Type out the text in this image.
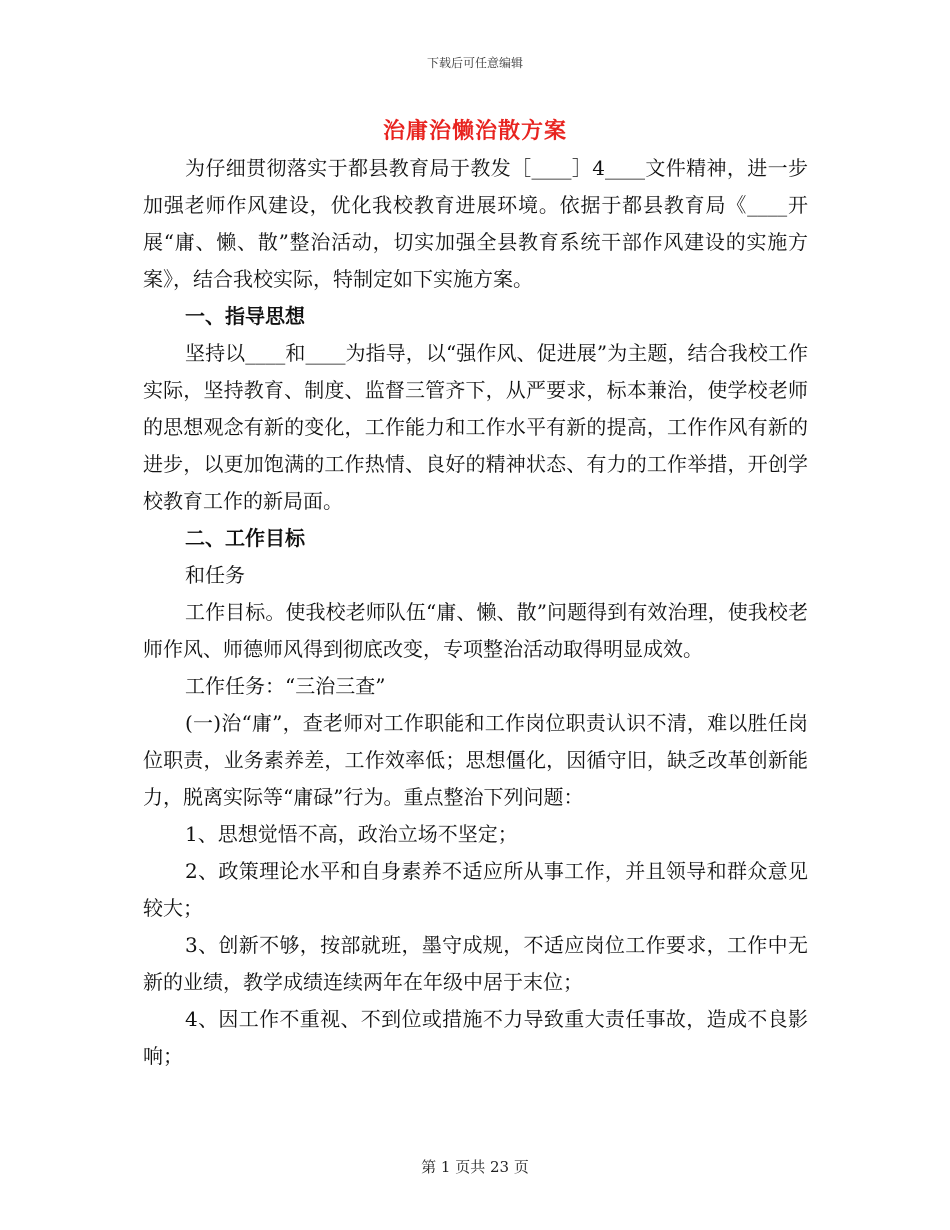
下载后可任意编辑
治庸治懒治散方案

为仔细贯彻落实于都县教育局于教发［____］4____文件精神，进一步加强老师作风建设，优化我校教育进展环境。依据于都县教育局《____开展“庸、懒、散”整治活动，切实加强全县教育系统干部作风建设的实施方案》，结合我校实际，特制定如下实施方案。

一、指导思想

坚持以____和____为指导，以“强作风、促进展”为主题，结合我校工作实际，坚持教育、制度、监督三管齐下，从严要求，标本兼治，使学校老师的思想观念有新的变化，工作能力和工作水平有新的提高，工作作风有新的进步，以更加饱满的工作热情、良好的精神状态、有力的工作举措，开创学校教育工作的新局面。

二、工作目标

和任务

工作目标。使我校老师队伍“庸、懒、散”问题得到有效治理，使我校老师作风、师德师风得到彻底改变，专项整治活动取得明显成效。

工作任务：“三治三查”

(一)治“庸”，查老师对工作职能和工作岗位职责认识不清，难以胜任岗位职责，业务素养差，工作效率低；思想僵化，因循守旧，缺乏改革创新能力，脱离实际等“庸碌”行为。重点整治下列问题：

1、思想觉悟不高，政治立场不坚定；

2、政策理论水平和自身素养不适应所从事工作，并且领导和群众意见较大；

3、创新不够，按部就班，墨守成规，不适应岗位工作要求，工作中无新的业绩，教学成绩连续两年在年级中居于末位；

4、因工作不重视、不到位或措施不力导致重大责任事故，造成不良影响；

第 1 页共 23 页
